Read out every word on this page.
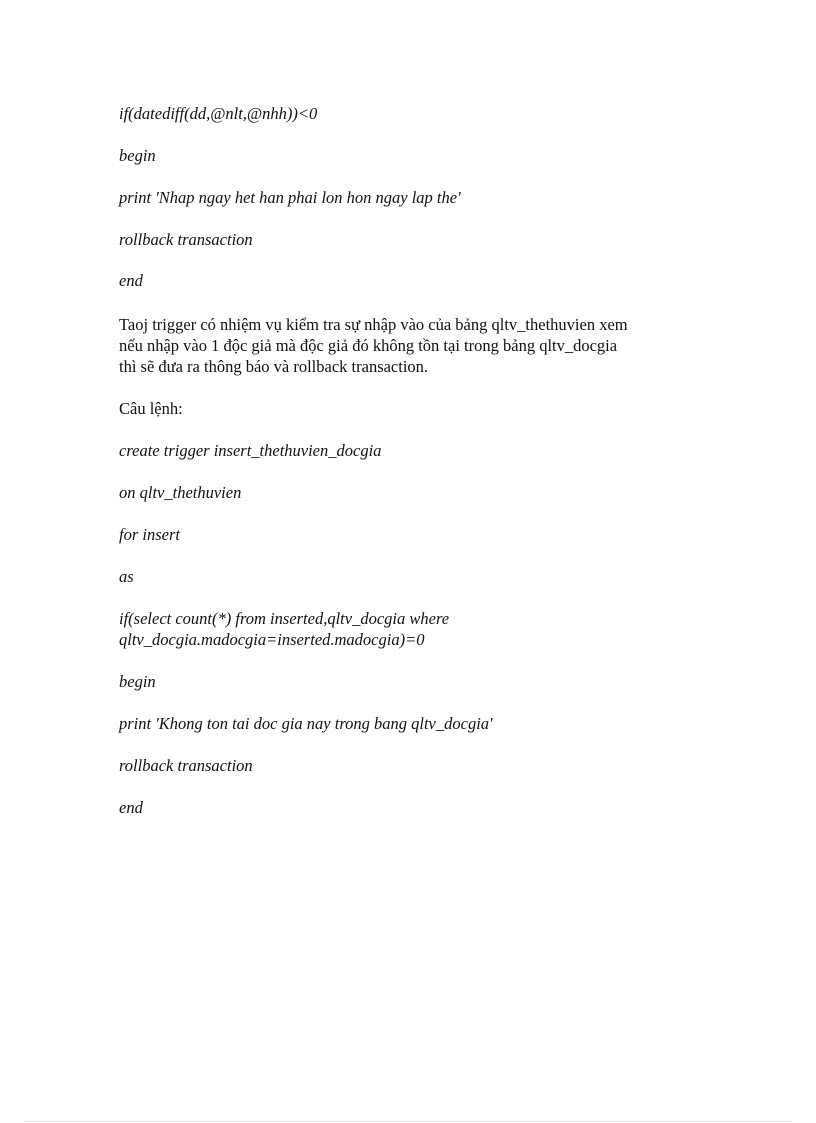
if(datediff(dd,@nlt,@nhh))<0
begin
print 'Nhap ngay het han phai lon hon ngay lap the'
rollback transaction
end
Taoj trigger có nhiệm vụ kiểm tra sự nhập vào của bảng qltv_thethuvien xem
nếu nhập vào 1 độc giả mà độc giả đó không tồn tại trong bảng qltv_docgia
thì sẽ đưa ra thông báo và rollback transaction.
Câu lệnh:
create trigger insert_thethuvien_docgia
on qltv_thethuvien
for insert
as
if(select count(*) from inserted,qltv_docgia where
qltv_docgia.madocgia=inserted.madocgia)=0
begin
print 'Khong ton tai doc gia nay trong bang qltv_docgia'
rollback transaction
end
